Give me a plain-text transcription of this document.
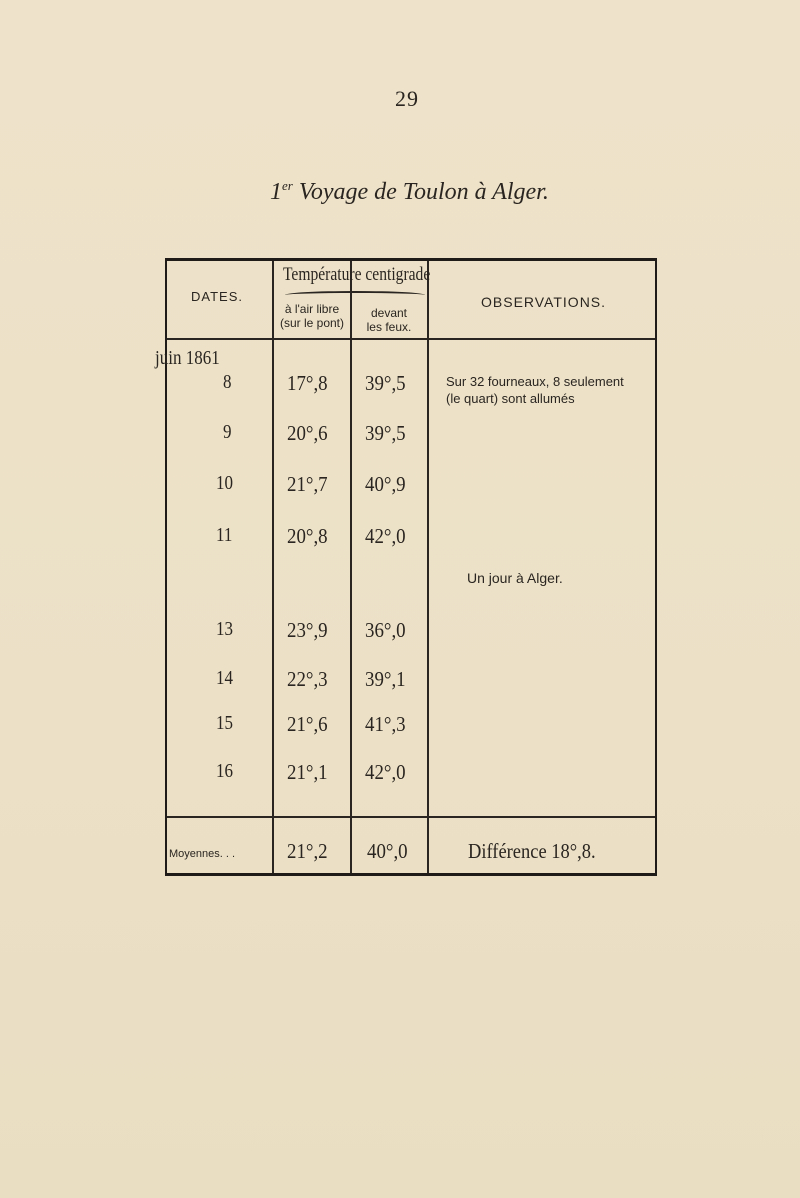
29
1er Voyage de Toulon à Alger.
DATES.
Température centigrade
à l'air libre
(sur le pont)
devant
les feux.
OBSERVATIONS.
juin 1861
8	17°,8 39°,5	Sur 32 fourneaux, 8 seulement
(le quart) sont allumés
9	20°,6 39°,5
10	21°,7 40°,9
11	20°,8 42°,0
Un jour à Alger.
13	23°,9 36°,0
14	22°,3 39°,1
15	21°,6 41°,3
16	21°,1 42°,0
Moyennes. . . 21°,2 40°,0	Différence 18°,8.
